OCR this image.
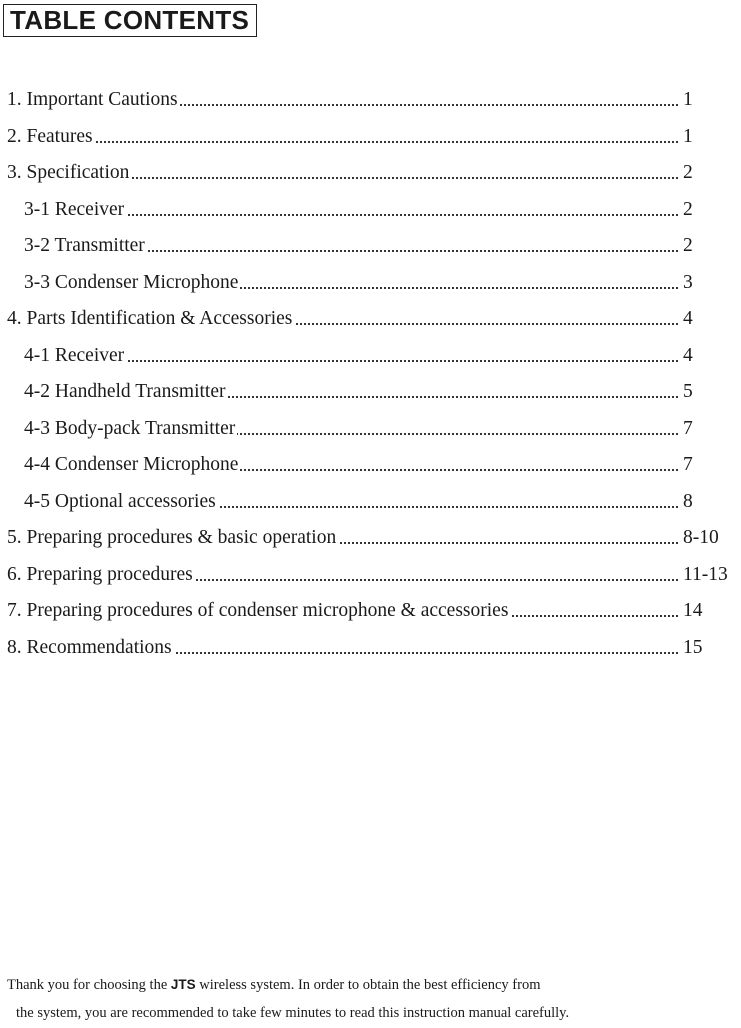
TABLE CONTENTS
1. Important Cautions	1
2. Features	1
3. Specification	2
3-1 Receiver	2
3-2 Transmitter	2
3-3 Condenser Microphone	3
4. Parts Identification & Accessories	4
4-1 Receiver	4
4-2 Handheld Transmitter	5
4-3 Body-pack Transmitter	7
4-4 Condenser Microphone	7
4-5 Optional accessories	8
5. Preparing procedures & basic operation	8-10
6. Preparing procedures	11-13
7. Preparing procedures of condenser microphone & accessories	14
8. Recommendations	15
Thank you for choosing the JTS wireless system. In order to obtain the best efficiency from
the system, you are recommended to take few minutes to read this instruction manual carefully.
